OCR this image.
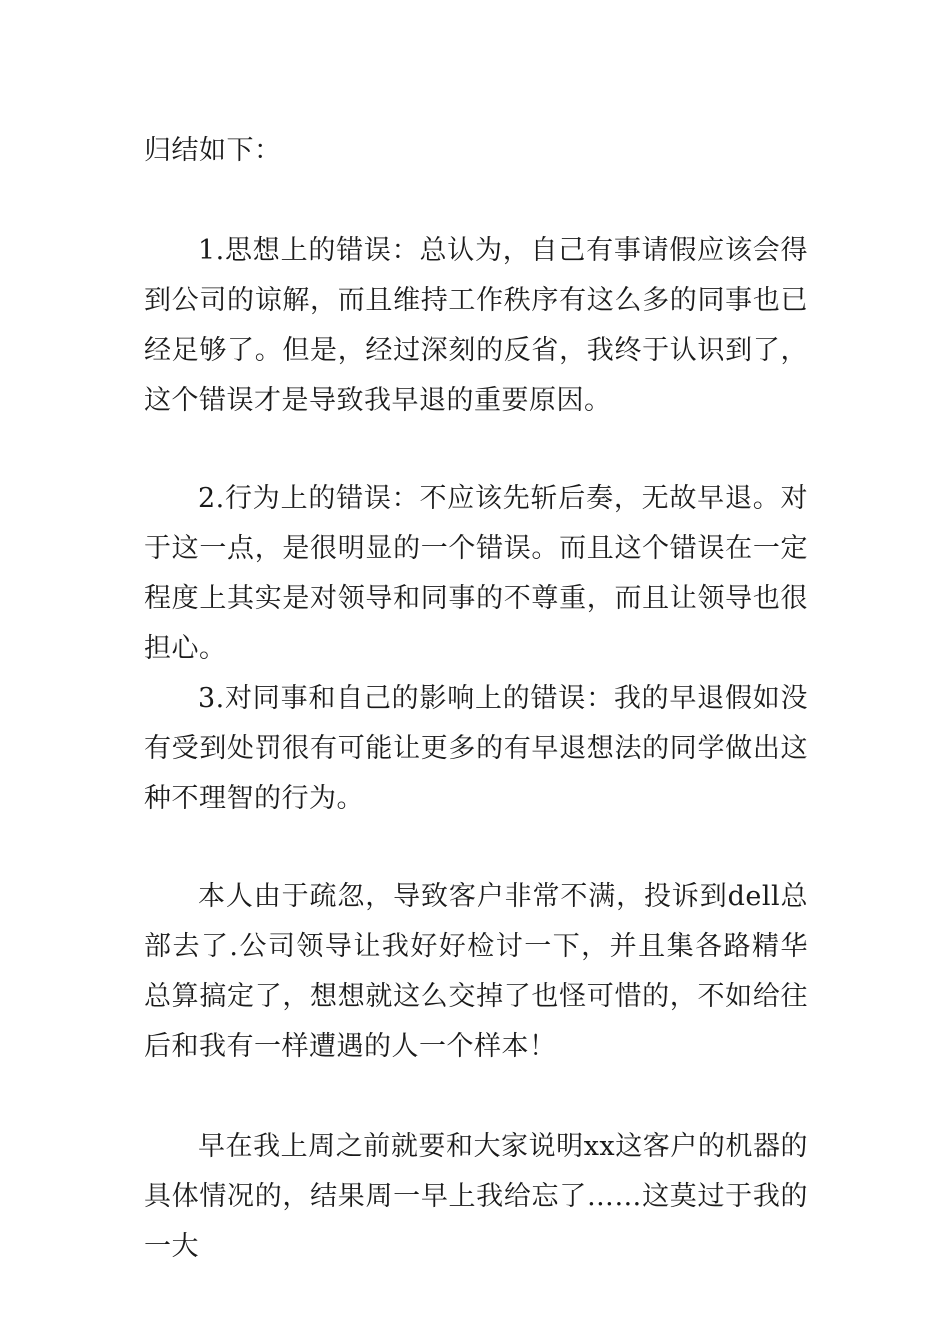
归结如下：

1.思想上的错误：总认为，自己有事请假应该会得到公司的谅解，而且维持工作秩序有这么多的同事也已经足够了。但是，经过深刻的反省，我终于认识到了，这个错误才是导致我早退的重要原因。

2.行为上的错误：不应该先斩后奏，无故早退。对于这一点，是很明显的一个错误。而且这个错误在一定程度上其实是对领导和同事的不尊重，而且让领导也很担心。

3.对同事和自己的影响上的错误：我的早退假如没有受到处罚很有可能让更多的有早退想法的同学做出这种不理智的行为。

本人由于疏忽，导致客户非常不满，投诉到dell总部去了.公司领导让我好好检讨一下，并且集各路精华总算搞定了，想想就这么交掉了也怪可惜的，不如给往后和我有一样遭遇的人一个样本！

早在我上周之前就要和大家说明xx这客户的机器的具体情况的，结果周一早上我给忘了……这莫过于我的一大
